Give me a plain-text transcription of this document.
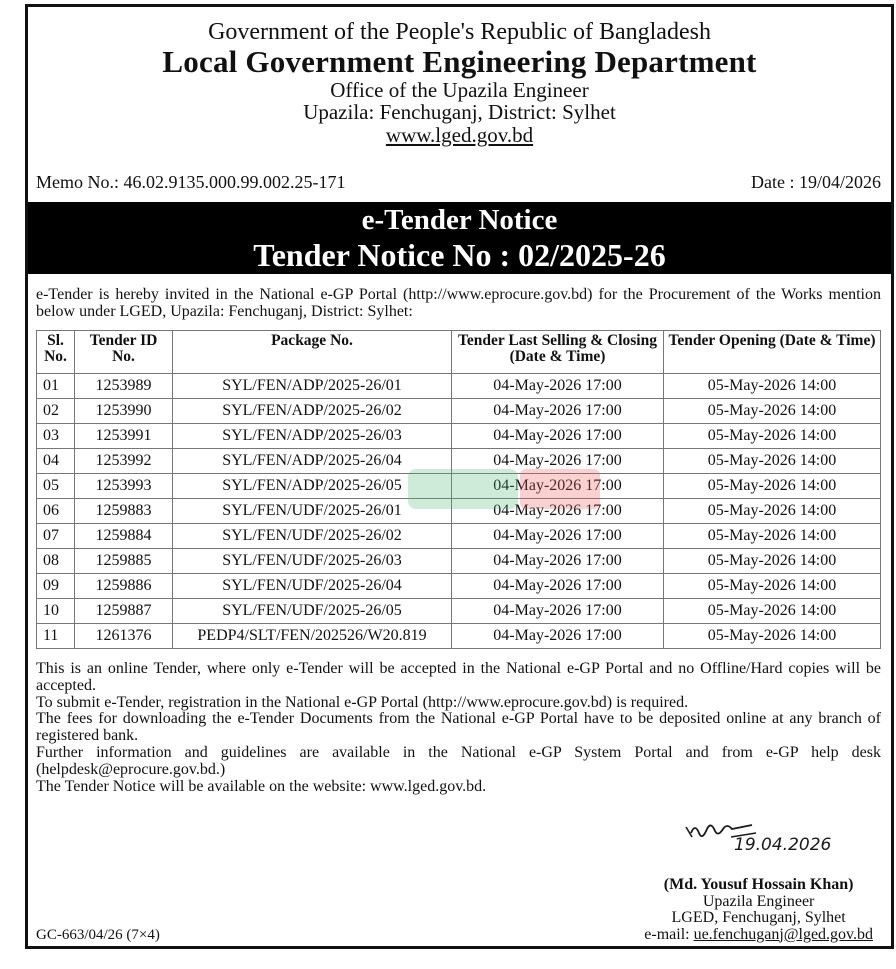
Government of the People's Republic of Bangladesh
Local Government Engineering Department
Office of the Upazila Engineer
Upazila: Fenchuganj, District: Sylhet
www.lged.gov.bd
Memo No.: 46.02.9135.000.99.002.25-171	Date : 19/04/2026
e-Tender Notice
Tender Notice No : 02/2025-26
e-Tender is hereby invited in the National e-GP Portal (http://www.eprocure.gov.bd) for the Procurement of the Works mention below under LGED, Upazila: Fenchuganj, District: Sylhet:
Sl. No.	Tender ID No.	Package No.	Tender Last Selling & Closing (Date & Time)	Tender Opening (Date & Time)
01	1253989	SYL/FEN/ADP/2025-26/01	04-May-2026 17:00	05-May-2026 14:00
02	1253990	SYL/FEN/ADP/2025-26/02	04-May-2026 17:00	05-May-2026 14:00
03	1253991	SYL/FEN/ADP/2025-26/03	04-May-2026 17:00	05-May-2026 14:00
04	1253992	SYL/FEN/ADP/2025-26/04	04-May-2026 17:00	05-May-2026 14:00
05	1253993	SYL/FEN/ADP/2025-26/05	04-May-2026 17:00	05-May-2026 14:00
06	1259883	SYL/FEN/UDF/2025-26/01	04-May-2026 17:00	05-May-2026 14:00
07	1259884	SYL/FEN/UDF/2025-26/02	04-May-2026 17:00	05-May-2026 14:00
08	1259885	SYL/FEN/UDF/2025-26/03	04-May-2026 17:00	05-May-2026 14:00
09	1259886	SYL/FEN/UDF/2025-26/04	04-May-2026 17:00	05-May-2026 14:00
10	1259887	SYL/FEN/UDF/2025-26/05	04-May-2026 17:00	05-May-2026 14:00
11	1261376	PEDP4/SLT/FEN/202526/W20.819	04-May-2026 17:00	05-May-2026 14:00

This is an online Tender, where only e-Tender will be accepted in the National e-GP Portal and no Offline/Hard copies will be accepted.

To submit e-Tender, registration in the National e-GP Portal (http://www.eprocure.gov.bd) is required.

The fees for downloading the e-Tender Documents from the National e-GP Portal have to be deposited online at any branch of registered bank.

Further information and guidelines are available in the National e-GP System Portal and from e-GP help desk (helpdesk@eprocure.gov.bd.)

The Tender Notice will be available on the website: www.lged.gov.bd.

19.04.2026
(Md. Yousuf Hossain Khan)
Upazila Engineer
LGED, Fenchuganj, Sylhet
e-mail: ue.fenchuganj@lged.gov.bd
GC-663/04/26 (7×4)
